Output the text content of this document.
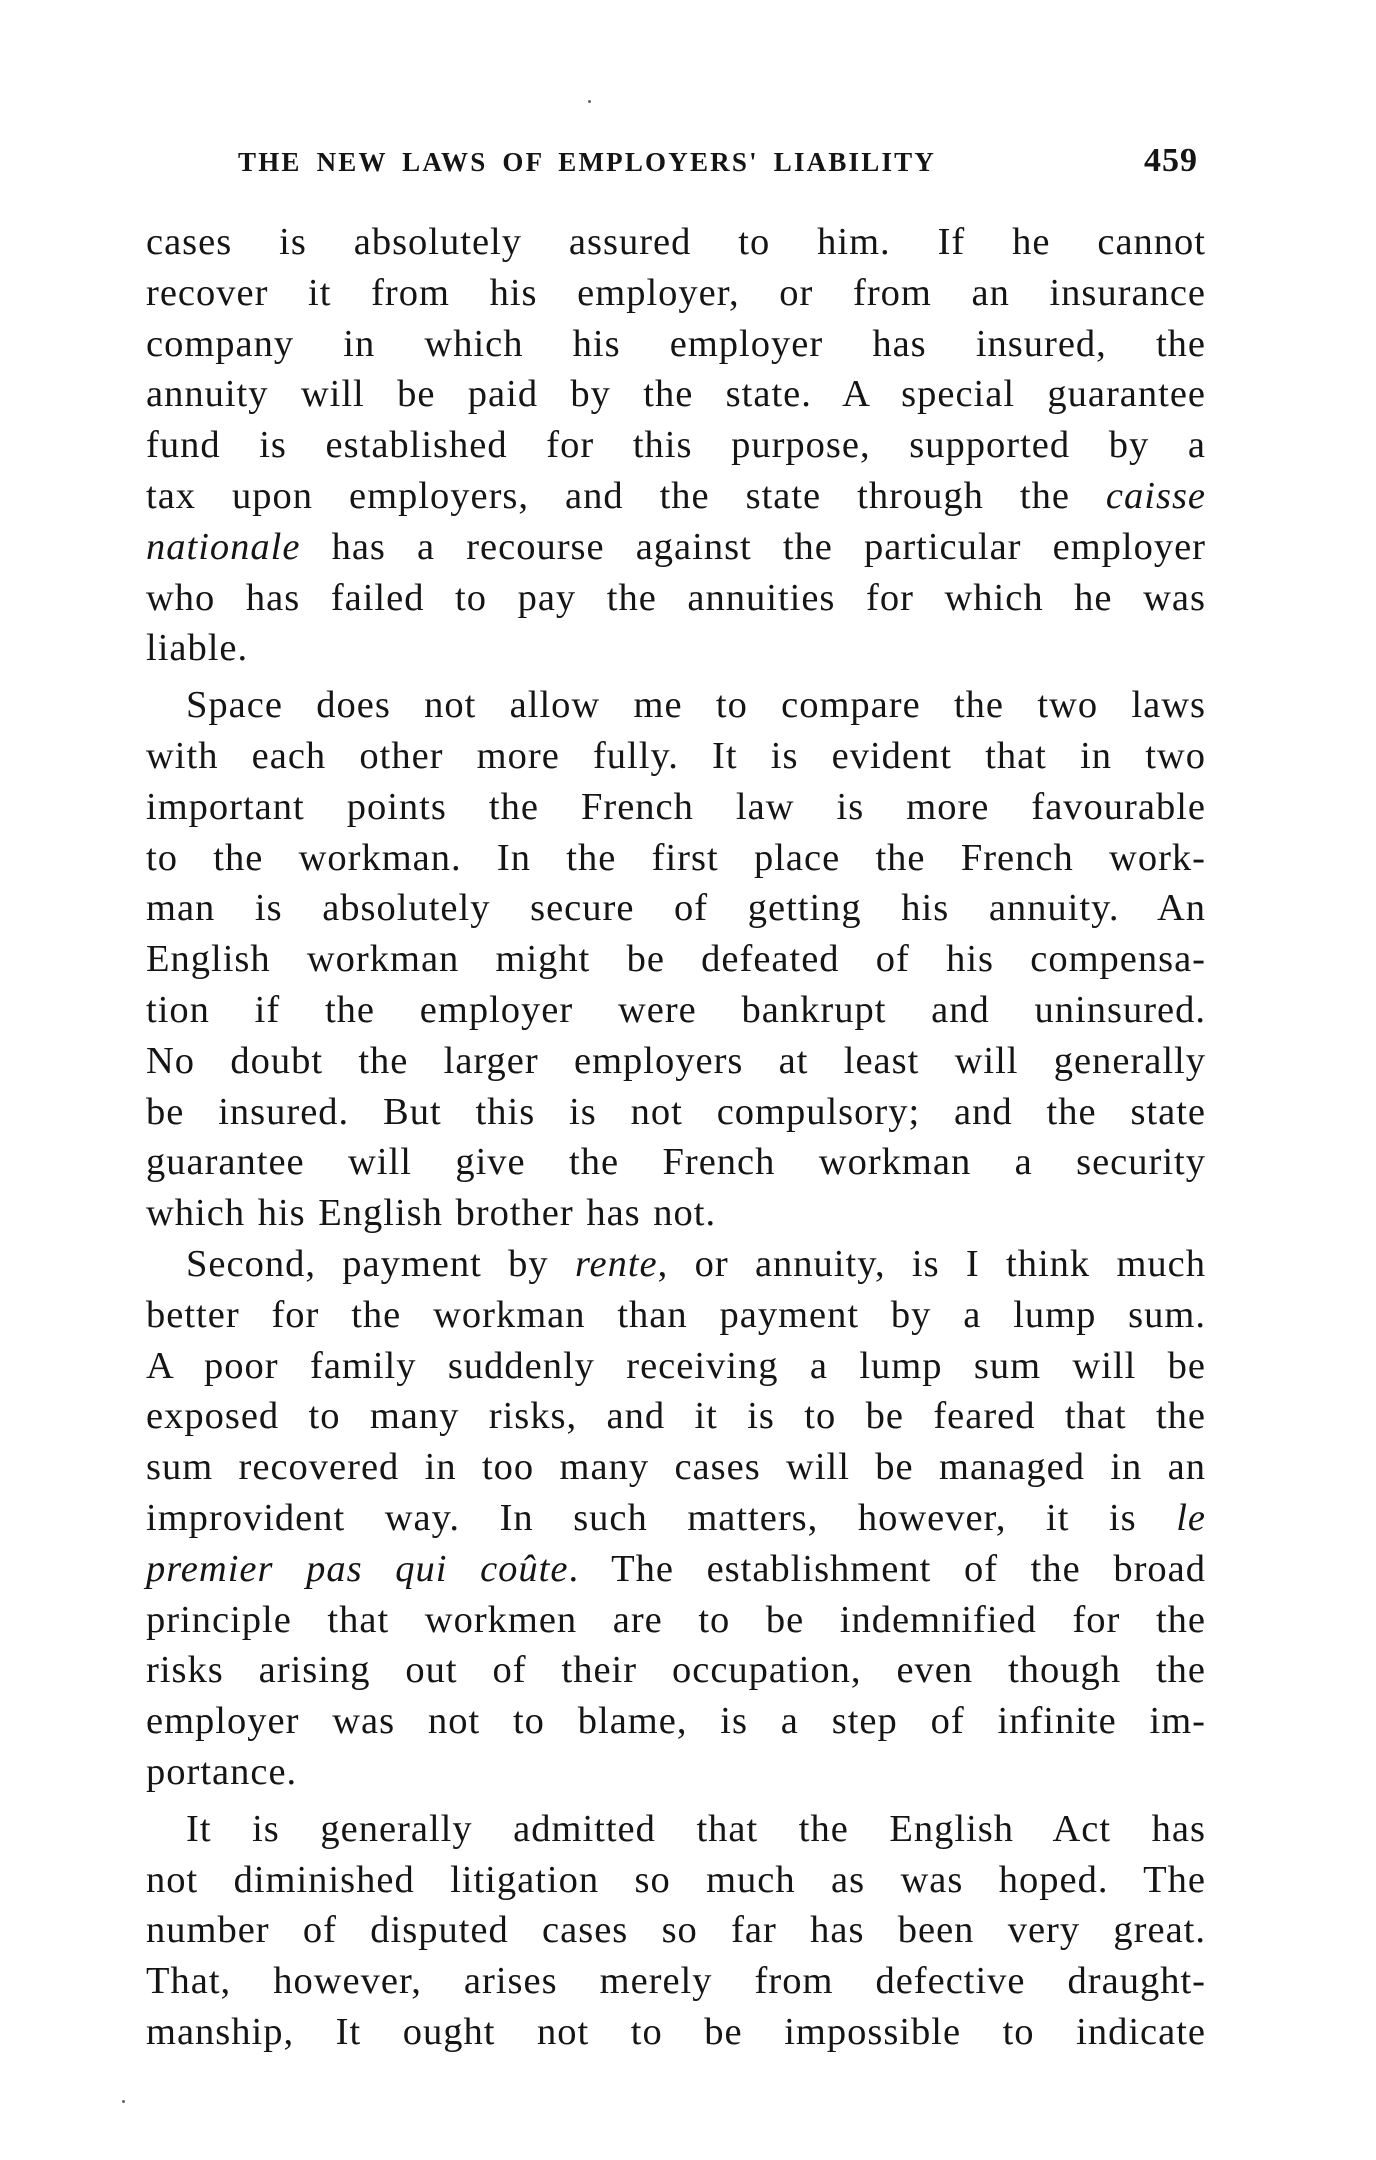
THE NEW LAWS OF EMPLOYERS' LIABILITY	459
cases is absolutely assured to him. If he cannot
recover it from his employer, or from an insurance
company in which his employer has insured, the
annuity will be paid by the state. A special guarantee
fund is established for this purpose, supported by a
tax upon employers, and the state through the caisse
nationale has a recourse against the particular employer
who has failed to pay the annuities for which he was
liable.
Space does not allow me to compare the two laws
with each other more fully. It is evident that in two
important points the French law is more favourable
to the workman. In the first place the French work-
man is absolutely secure of getting his annuity. An
English workman might be defeated of his compensa-
tion if the employer were bankrupt and uninsured.
No doubt the larger employers at least will generally
be insured. But this is not compulsory; and the state
guarantee will give the French workman a security
which his English brother has not.
Second, payment by rente, or annuity, is I think much
better for the workman than payment by a lump sum.
A poor family suddenly receiving a lump sum will be
exposed to many risks, and it is to be feared that the
sum recovered in too many cases will be managed in an
improvident way. In such matters, however, it is le
premier pas qui coûte. The establishment of the broad
principle that workmen are to be indemnified for the
risks arising out of their occupation, even though the
employer was not to blame, is a step of infinite im-
portance.
It is generally admitted that the English Act has
not diminished litigation so much as was hoped. The
number of disputed cases so far has been very great.
That, however, arises merely from defective draught-
manship, It ought not to be impossible to indicate
